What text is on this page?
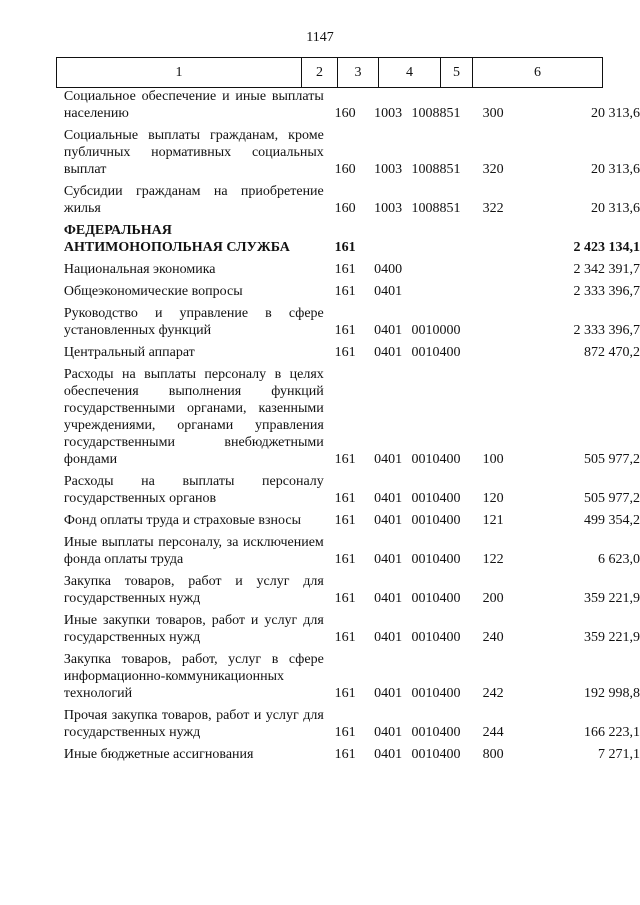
1147
1	2	3	4	5	6
	Социальное обеспечение и иные выплаты населению		160	1003	1008851	300	20 313,6
	Социальные выплаты гражданам, кроме публичных нормативных социальных выплат		160	1003	1008851	320	20 313,6
	Субсидии гражданам на приобретение жилья		160	1003	1008851	322	20 313,6
	ФЕДЕРАЛЬНАЯ АНТИМОНОПОЛЬНАЯ СЛУЖБА		161				2 423 134,1
	Национальная экономика		161	0400			2 342 391,7
	Общеэкономические вопросы		161	0401			2 333 396,7
	Руководство и управление в сфере установленных функций		161	0401	0010000		2 333 396,7
	Центральный аппарат		161	0401	0010400		872 470,2
	Расходы на выплаты персоналу в целях обеспечения выполнения функций государственными органами, казенными учреждениями, органами управления государственными внебюджетными фондами		161	0401	0010400	100	505 977,2
	Расходы на выплаты персоналу государственных органов		161	0401	0010400	120	505 977,2
	Фонд оплаты труда и страховые взносы		161	0401	0010400	121	499 354,2
	Иные выплаты персоналу, за исключением фонда оплаты труда		161	0401	0010400	122	6 623,0
	Закупка товаров, работ и услуг для государственных нужд		161	0401	0010400	200	359 221,9
	Иные закупки товаров, работ и услуг для государственных нужд		161	0401	0010400	240	359 221,9
	Закупка товаров, работ, услуг в сфере информационно-коммуникационных технологий		161	0401	0010400	242	192 998,8
	Прочая закупка товаров, работ и услуг для государственных нужд		161	0401	0010400	244	166 223,1
	Иные бюджетные ассигнования		161	0401	0010400	800	7 271,1
